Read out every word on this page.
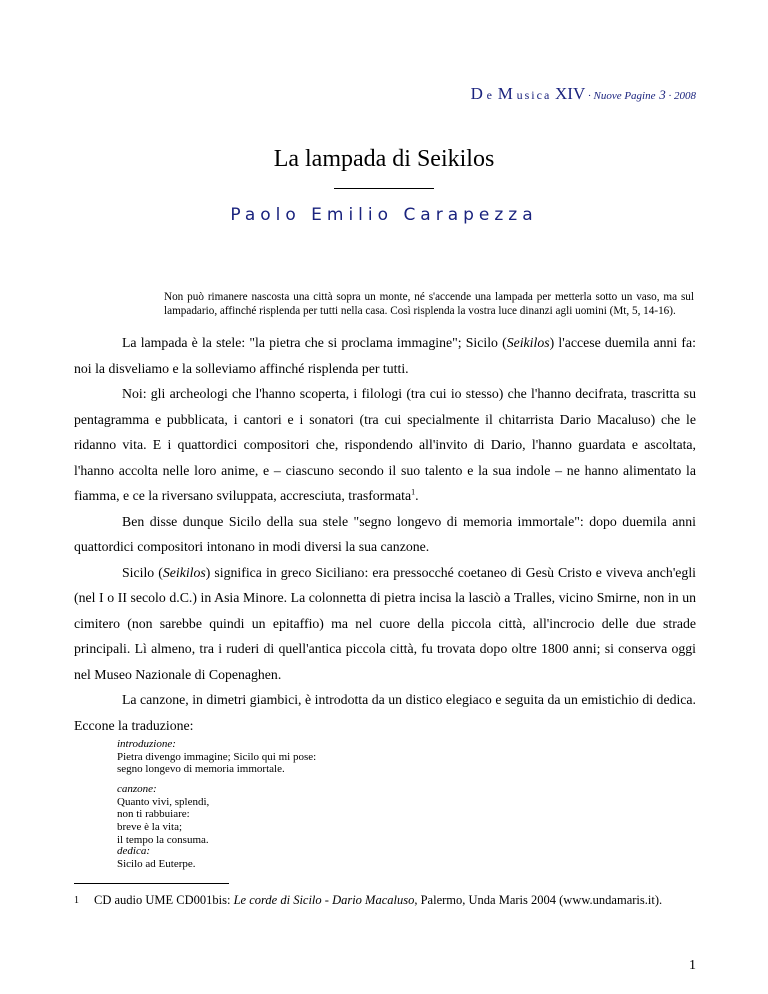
D e M usica XIV · Nuove Pagine 3 · 2008
La lampada di Seikilos
Paolo Emilio Carapezza
Non può rimanere nascosta una città sopra un monte, né s'accende una lampada per metterla sotto un vaso, ma sul lampadario, affinché risplenda per tutti nella casa. Così risplenda la vostra luce dinanzi agli uomini (Mt, 5, 14-16).

La lampada è la stele: "la pietra che si proclama immagine"; Sicilo (Seikilos) l'accese duemila anni fa: noi la disveliamo e la solleviamo affinché risplenda per tutti.

Noi: gli archeologi che l'hanno scoperta, i filologi (tra cui io stesso) che l'hanno decifrata, trascritta su pentagramma e pubblicata, i cantori e i sonatori (tra cui specialmente il chitarrista Dario Macaluso) che le ridanno vita. E i quattordici compositori che, rispondendo all'invito di Dario, l'hanno guardata e ascoltata, l'hanno accolta nelle loro anime, e – ciascuno secondo il suo talento e la sua indole – ne hanno alimentato la fiamma, e ce la riversano sviluppata, accresciuta, trasformata$^1$.

Ben disse dunque Sicilo della sua stele "segno longevo di memoria immortale": dopo duemila anni quattordici compositori intonano in modi diversi la sua canzone.

Sicilo (Seikilos) significa in greco Siciliano: era pressocché coetaneo di Gesù Cristo e viveva anch'egli (nel I o II secolo d.C.) in Asia Minore. La colonnetta di pietra incisa la lasciò a Tralles, vicino Smirne, non in un cimitero (non sarebbe quindi un epitaffio) ma nel cuore della piccola città, all'incrocio delle due strade principali. Lì almeno, tra i ruderi di quell'antica piccola città, fu trovata dopo oltre 1800 anni; si conserva oggi nel Museo Nazionale di Copenaghen.

La canzone, in dimetri giambici, è introdotta da un distico elegiaco e seguita da un emistichio di dedica. Eccone la traduzione:

introduzione:
Pietra divengo immagine; Sicilo qui mi pose:
segno longevo di memoria immortale.
canzone:
Quanto vivi, splendi,
non ti rabbuiare:
breve è la vita;
il tempo la consuma.
dedica:
Sicilo ad Euterpe.
1 CD audio UME CD001bis: Le corde di Sicilo - Dario Macaluso, Palermo, Unda Maris 2004 (www.undamaris.it).
1
